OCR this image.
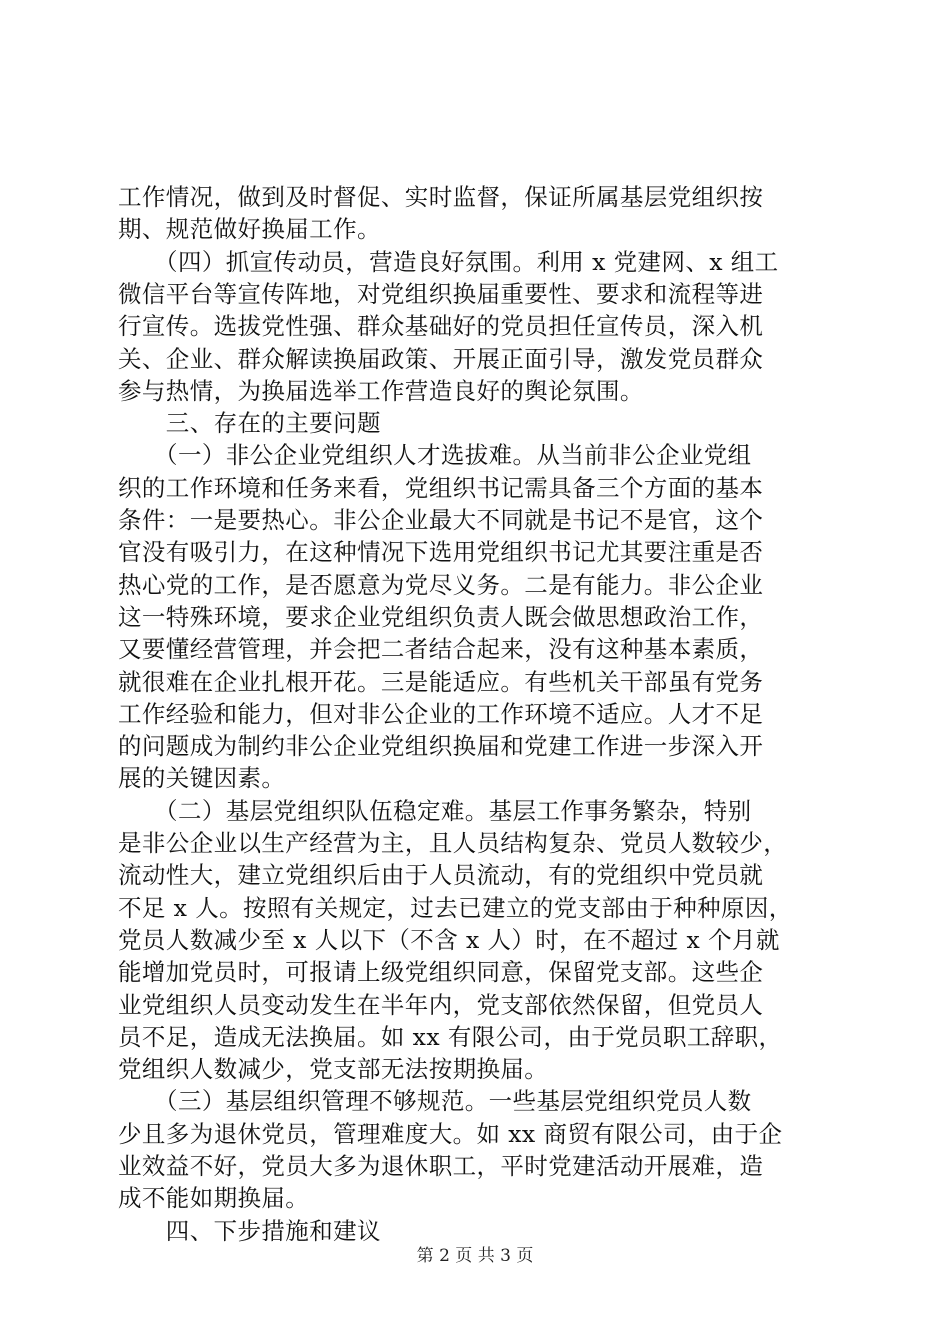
工作情况，做到及时督促、实时监督，保证所属基层党组织按
期、规范做好换届工作。
　　（四）抓宣传动员，营造良好氛围。利用 x 党建网、x 组工
微信平台等宣传阵地，对党组织换届重要性、要求和流程等进
行宣传。选拔党性强、群众基础好的党员担任宣传员，深入机
关、企业、群众解读换届政策、开展正面引导，激发党员群众
参与热情，为换届选举工作营造良好的舆论氛围。
　　三、存在的主要问题
　　（一）非公企业党组织人才选拔难。从当前非公企业党组
织的工作环境和任务来看，党组织书记需具备三个方面的基本
条件：一是要热心。非公企业最大不同就是书记不是官，这个
官没有吸引力，在这种情况下选用党组织书记尤其要注重是否
热心党的工作，是否愿意为党尽义务。二是有能力。非公企业
这一特殊环境，要求企业党组织负责人既会做思想政治工作，
又要懂经营管理，并会把二者结合起来，没有这种基本素质，
就很难在企业扎根开花。三是能适应。有些机关干部虽有党务
工作经验和能力，但对非公企业的工作环境不适应。人才不足
的问题成为制约非公企业党组织换届和党建工作进一步深入开
展的关键因素。
　　（二）基层党组织队伍稳定难。基层工作事务繁杂，特别
是非公企业以生产经营为主，且人员结构复杂、党员人数较少，
流动性大，建立党组织后由于人员流动，有的党组织中党员就
不足 x 人。按照有关规定，过去已建立的党支部由于种种原因，
党员人数减少至 x 人以下（不含 x 人）时，在不超过 x 个月就
能增加党员时，可报请上级党组织同意，保留党支部。这些企
业党组织人员变动发生在半年内，党支部依然保留，但党员人
员不足，造成无法换届。如 xx 有限公司，由于党员职工辞职，
党组织人数减少，党支部无法按期换届。
　　（三）基层组织管理不够规范。一些基层党组织党员人数
少且多为退休党员，管理难度大。如 xx 商贸有限公司，由于企
业效益不好，党员大多为退休职工，平时党建活动开展难，造
成不能如期换届。
　　四、下步措施和建议
第 2 页 共 3 页
